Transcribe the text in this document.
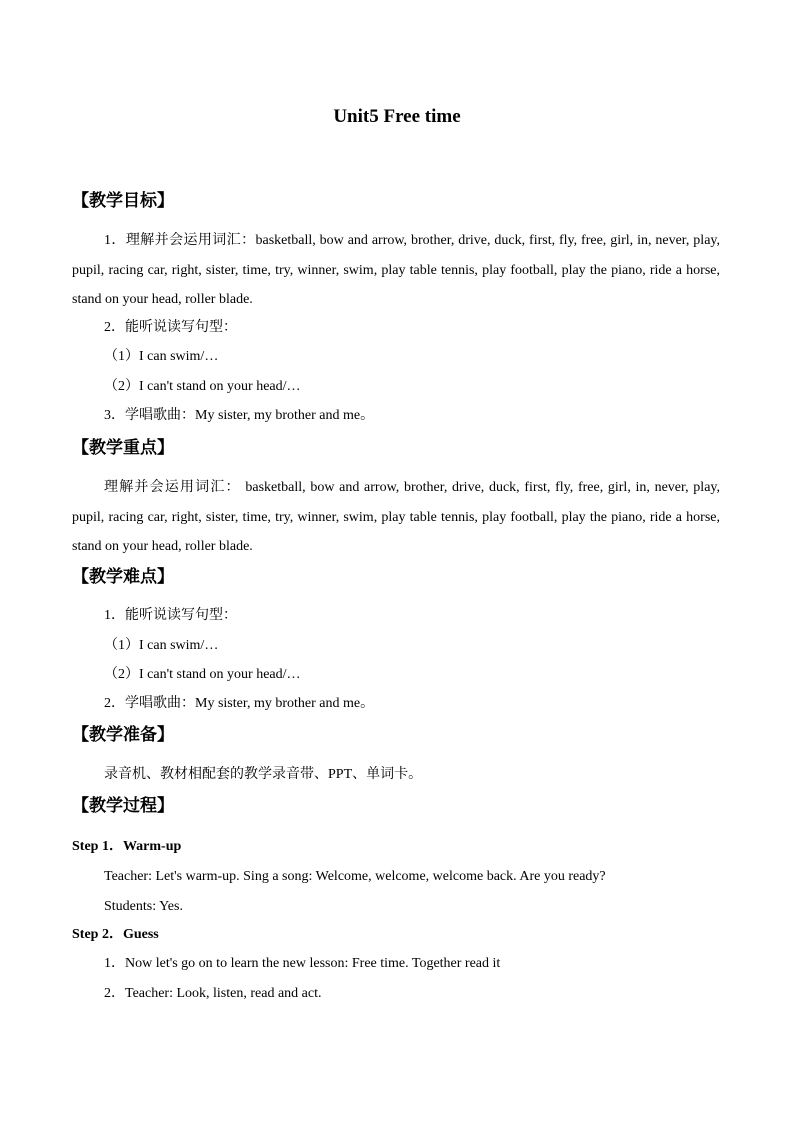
Unit5 Free time
【教学目标】
1．理解并会运用词汇：basketball, bow and arrow, brother, drive, duck, first, fly, free, girl, in, never, play, pupil, racing car, right, sister, time, try, winner, swim, play table tennis, play football, play the piano, ride a horse, stand on your head, roller blade.
2．能听说读写句型：
（1）I can swim/…
（2）I can't stand on your head/…
3．学唱歌曲：My sister, my brother and me。
【教学重点】
理解并会运用词汇： basketball, bow and arrow, brother, drive, duck, first, fly, free, girl, in, never, play, pupil, racing car, right, sister, time, try, winner, swim, play table tennis, play football, play the piano, ride a horse, stand on your head, roller blade.
【教学难点】
1．能听说读写句型：
（1）I can swim/…
（2）I can't stand on your head/…
2．学唱歌曲：My sister, my brother and me。
【教学准备】
录音机、教材相配套的教学录音带、PPT、单词卡。
【教学过程】
Step 1．Warm-up
Teacher: Let's warm-up. Sing a song: Welcome, welcome, welcome back. Are you ready?
Students: Yes.
Step 2．Guess
1．Now let's go on to learn the new lesson: Free time. Together read it
2．Teacher: Look, listen, read and act.
